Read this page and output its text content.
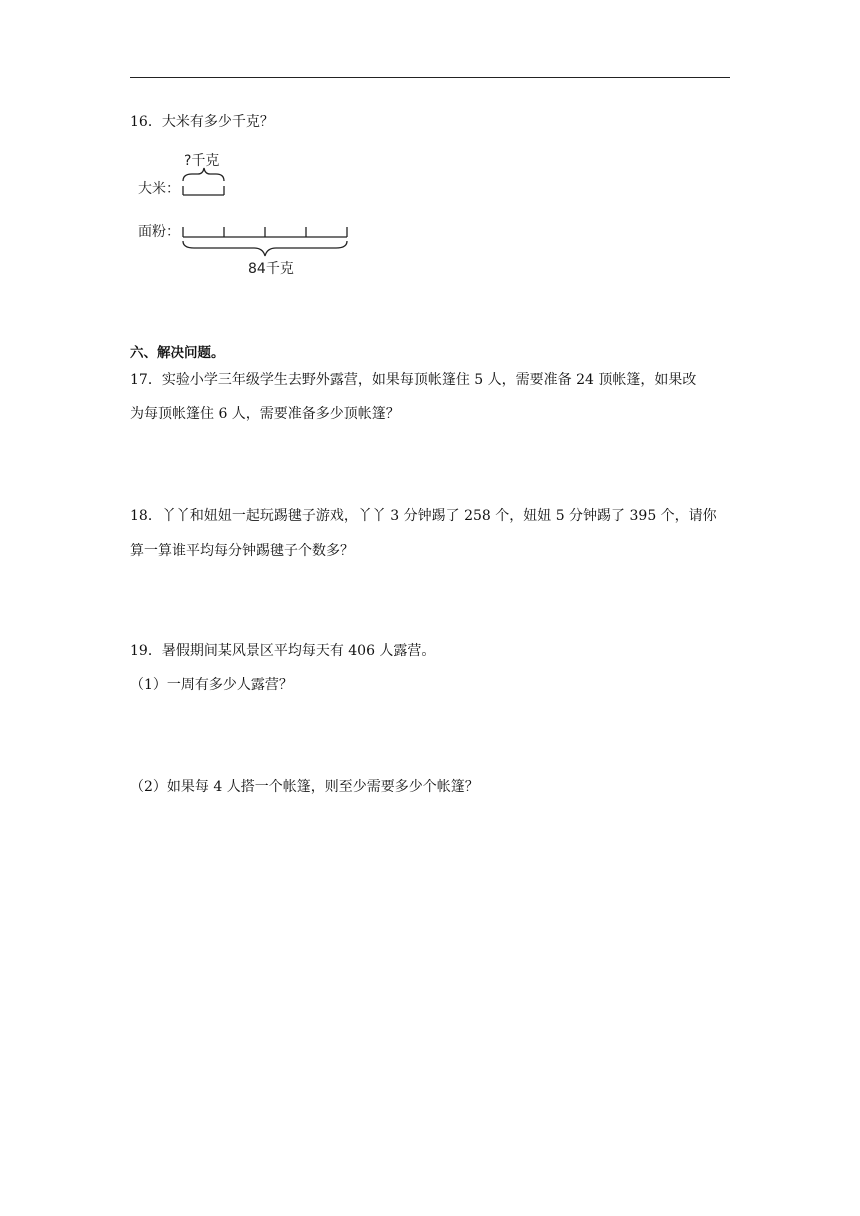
16．大米有多少千克？
?千克
大米：
面粉：
84千克
六、解决问题。
17．实验小学三年级学生去野外露营，如果每顶帐篷住 5 人，需要准备 24 顶帐篷，如果改
为每顶帐篷住 6 人，需要准备多少顶帐篷？
18．丫丫和妞妞一起玩踢毽子游戏，丫丫 3 分钟踢了 258 个，妞妞 5 分钟踢了 395 个，请你
算一算谁平均每分钟踢毽子个数多？
19．暑假期间某风景区平均每天有 406 人露营。
（1）一周有多少人露营？
（2）如果每 4 人搭一个帐篷，则至少需要多少个帐篷？
